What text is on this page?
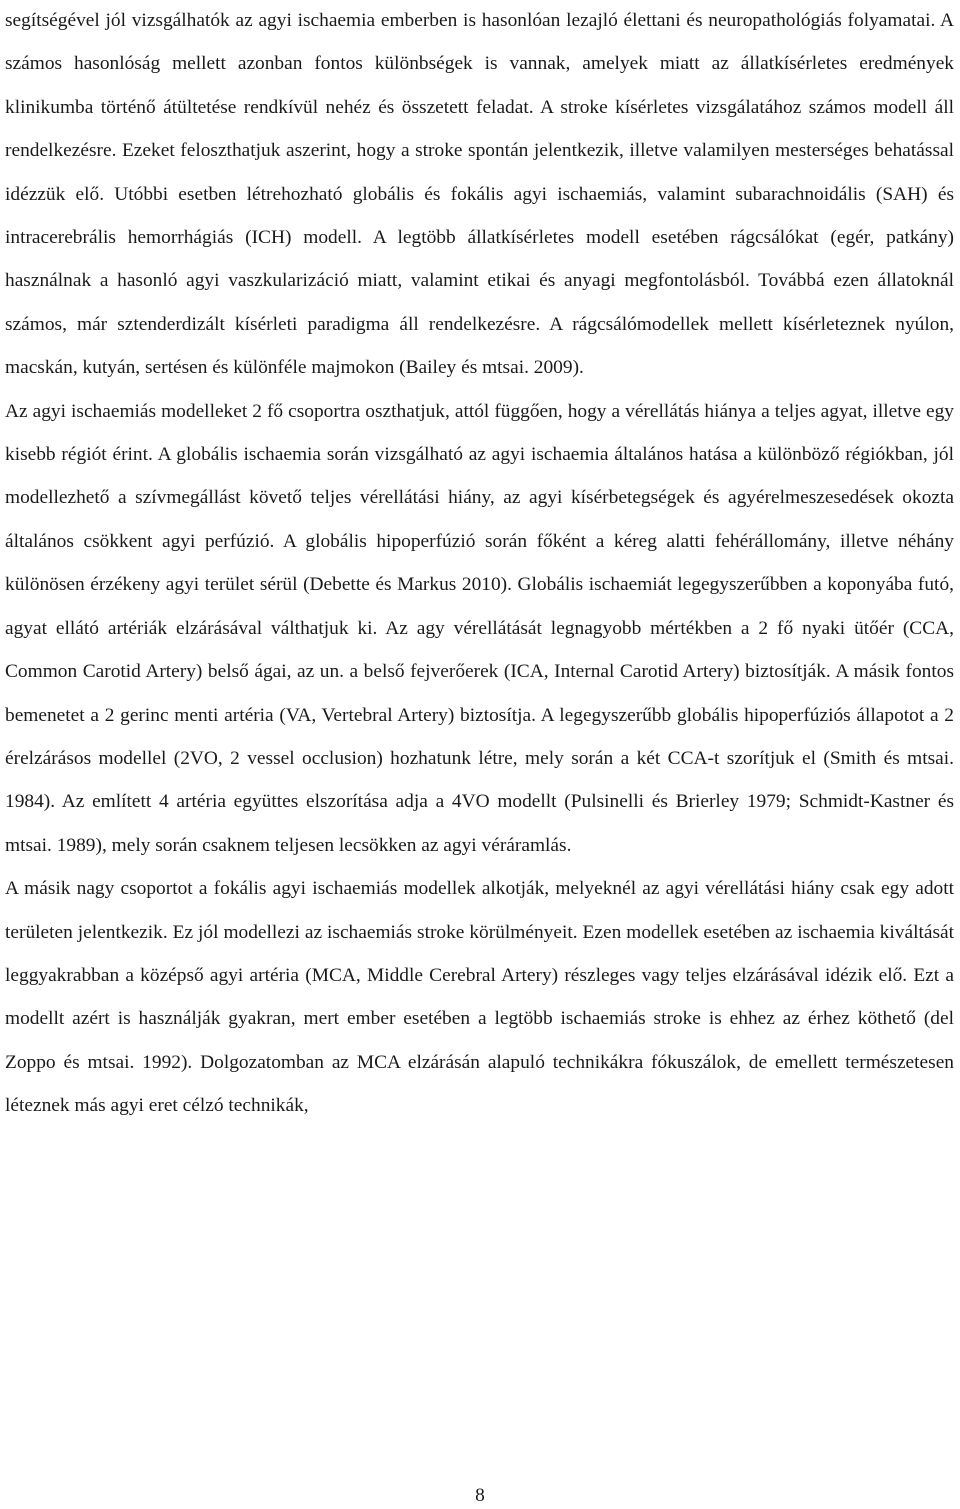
segítségével jól vizsgálhatók az agyi ischaemia emberben is hasonlóan lezajló élettani és neuropathológiás folyamatai. A számos hasonlóság mellett azonban fontos különbségek is vannak, amelyek miatt az állatkísérletes eredmények klinikumba történő átültetése rendkívül nehéz és összetett feladat. A stroke kísérletes vizsgálatához számos modell áll rendelkezésre. Ezeket feloszthatjuk aszerint, hogy a stroke spontán jelentkezik, illetve valamilyen mesterséges behatással idézzük elő. Utóbbi esetben létrehozható globális és fokális agyi ischaemiás, valamint subarachnoidális (SAH) és intracerebrális hemorrhágiás (ICH) modell. A legtöbb állatkísérletes modell esetében rágcsálókat (egér, patkány) használnak a hasonló agyi vaszkularizáció miatt, valamint etikai és anyagi megfontolásból. Továbbá ezen állatoknál számos, már sztenderdizált kísérleti paradigma áll rendelkezésre. A rágcsálómodellek mellett kísérleteznek nyúlon, macskán, kutyán, sertésen és különféle majmokon (Bailey és mtsai. 2009).

Az agyi ischaemiás modelleket 2 fő csoportra oszthatjuk, attól függően, hogy a vérellátás hiánya a teljes agyat, illetve egy kisebb régiót érint. A globális ischaemia során vizsgálható az agyi ischaemia általános hatása a különböző régiókban, jól modellezhető a szívmegállást követő teljes vérellátási hiány, az agyi kísérbetegségek és agyérelmeszesedések okozta általános csökkent agyi perfúzió. A globális hipoperfúzió során főként a kéreg alatti fehérállomány, illetve néhány különösen érzékeny agyi terület sérül (Debette és Markus 2010). Globális ischaemiát legegyszerűbben a koponyába futó, agyat ellátó artériák elzárásával válthatjuk ki. Az agy vérellátását legnagyobb mértékben a 2 fő nyaki ütőér (CCA, Common Carotid Artery) belső ágai, az un. a belső fejverőerek (ICA, Internal Carotid Artery) biztosítják. A másik fontos bemenetet a 2 gerinc menti artéria (VA, Vertebral Artery) biztosítja. A legegyszerűbb globális hipoperfúziós állapotot a 2 érelzárásos modellel (2VO, 2 vessel occlusion) hozhatunk létre, mely során a két CCA-t szorítjuk el (Smith és mtsai. 1984). Az említett 4 artéria együttes elszorítása adja a 4VO modellt (Pulsinelli és Brierley 1979; Schmidt-Kastner és mtsai. 1989), mely során csaknem teljesen lecsökken az agyi véráramlás.

A másik nagy csoportot a fokális agyi ischaemiás modellek alkotják, melyeknél az agyi vérellátási hiány csak egy adott területen jelentkezik. Ez jól modellezi az ischaemiás stroke körülményeit. Ezen modellek esetében az ischaemia kiváltását leggyakrabban a középső agyi artéria (MCA, Middle Cerebral Artery) részleges vagy teljes elzárásával idézik elő. Ezt a modellt azért is használják gyakran, mert ember esetében a legtöbb ischaemiás stroke is ehhez az érhez köthető (del Zoppo és mtsai. 1992). Dolgozatomban az MCA elzárásán alapuló technikákra fókuszálok, de emellett természetesen léteznek más agyi eret célzó technikák,

8
